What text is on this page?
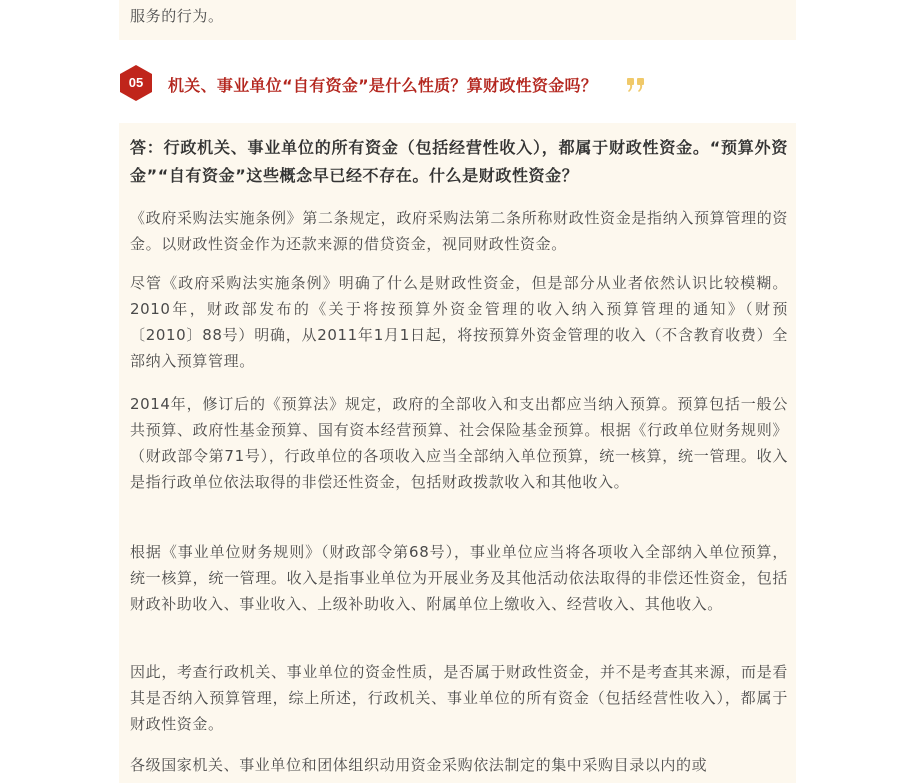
服务的行为。

05	机关、事业单位“自有资金”是什么性质？算财政性资金吗？

答：行政机关、事业单位的所有资金（包括经营性收入），都属于财政性资金。“预算外资金”“自有资金”这些概念早已经不存在。什么是财政性资金？

《政府采购法实施条例》第二条规定，政府采购法第二条所称财政性资金是指纳入预算管理的资金。以财政性资金作为还款来源的借贷资金，视同财政性资金。

尽管《政府采购法实施条例》明确了什么是财政性资金，但是部分从业者依然认识比较模糊。2010年，财政部发布的《关于将按预算外资金管理的收入纳入预算管理的通知》（财预〔2010〕88号）明确，从2011年1月1日起，将按预算外资金管理的收入（不含教育收费）全部纳入预算管理。

2014年，修订后的《预算法》规定，政府的全部收入和支出都应当纳入预算。预算包括一般公共预算、政府性基金预算、国有资本经营预算、社会保险基金预算。根据《行政单位财务规则》（财政部令第71号），行政单位的各项收入应当全部纳入单位预算，统一核算，统一管理。收入是指行政单位依法取得的非偿还性资金，包括财政拨款收入和其他收入。

根据《事业单位财务规则》（财政部令第68号），事业单位应当将各项收入全部纳入单位预算，统一核算，统一管理。收入是指事业单位为开展业务及其他活动依法取得的非偿还性资金，包括财政补助收入、事业收入、上级补助收入、附属单位上缴收入、经营收入、其他收入。

因此，考查行政机关、事业单位的资金性质，是否属于财政性资金，并不是考查其来源，而是看其是否纳入预算管理，综上所述，行政机关、事业单位的所有资金（包括经营性收入），都属于财政性资金。

各级国家机关、事业单位和团体组织动用资金采购依法制定的集中采购目录以内的或
